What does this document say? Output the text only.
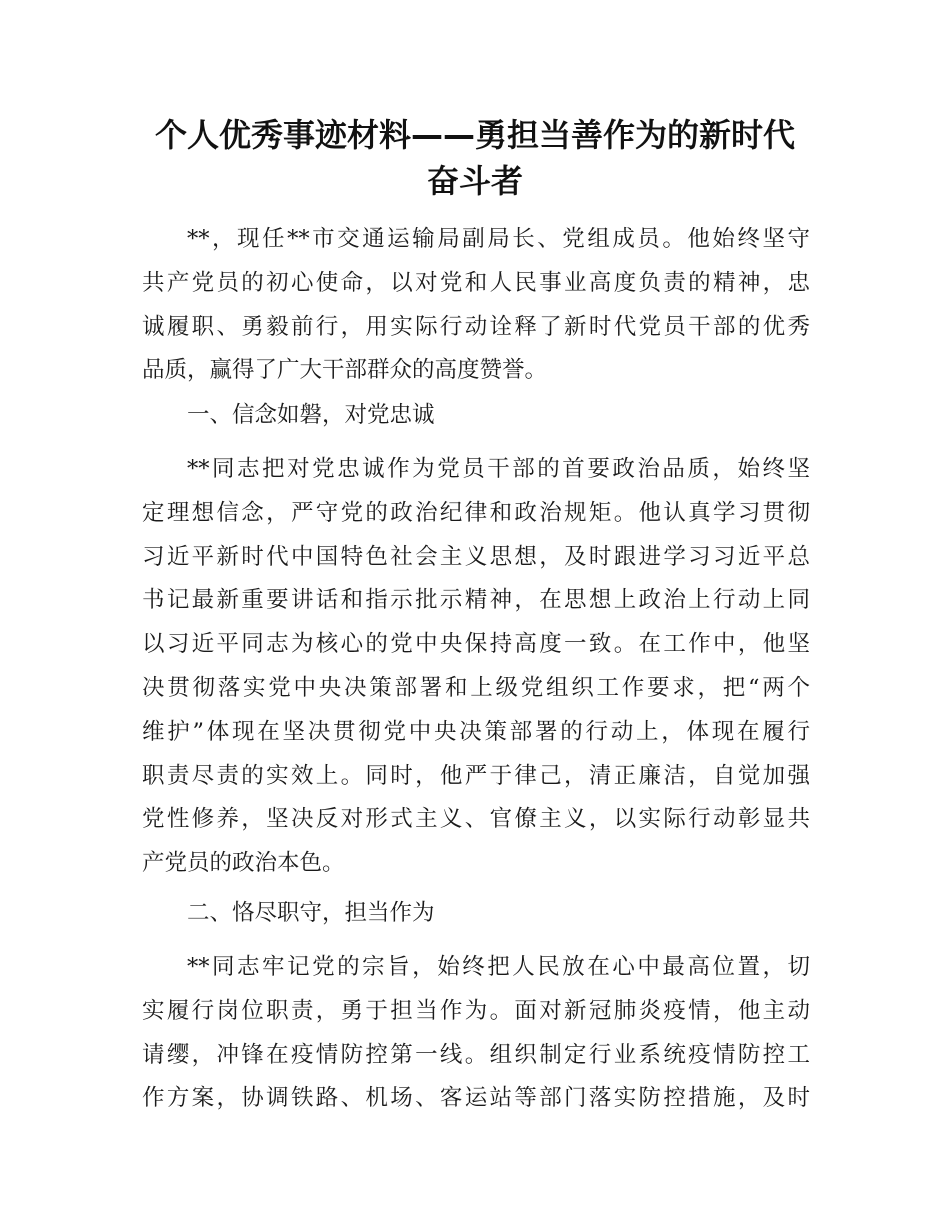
个人优秀事迹材料——勇担当善作为的新时代
奋斗者
**，现任**市交通运输局副局长、党组成员。他始终坚守
共产党员的初心使命，以对党和人民事业高度负责的精神，忠
诚履职、勇毅前行，用实际行动诠释了新时代党员干部的优秀
品质，赢得了广大干部群众的高度赞誉。
一、信念如磐，对党忠诚
**同志把对党忠诚作为党员干部的首要政治品质，始终坚
定理想信念，严守党的政治纪律和政治规矩。他认真学习贯彻
习近平新时代中国特色社会主义思想，及时跟进学习习近平总
书记最新重要讲话和指示批示精神，在思想上政治上行动上同
以习近平同志为核心的党中央保持高度一致。在工作中，他坚
决贯彻落实党中央决策部署和上级党组织工作要求，把“两个
维护”体现在坚决贯彻党中央决策部署的行动上，体现在履行
职责尽责的实效上。同时，他严于律己，清正廉洁，自觉加强
党性修养，坚决反对形式主义、官僚主义，以实际行动彰显共
产党员的政治本色。
二、恪尽职守，担当作为
**同志牢记党的宗旨，始终把人民放在心中最高位置，切
实履行岗位职责，勇于担当作为。面对新冠肺炎疫情，他主动
请缨，冲锋在疫情防控第一线。组织制定行业系统疫情防控工
作方案，协调铁路、机场、客运站等部门落实防控措施，及时
